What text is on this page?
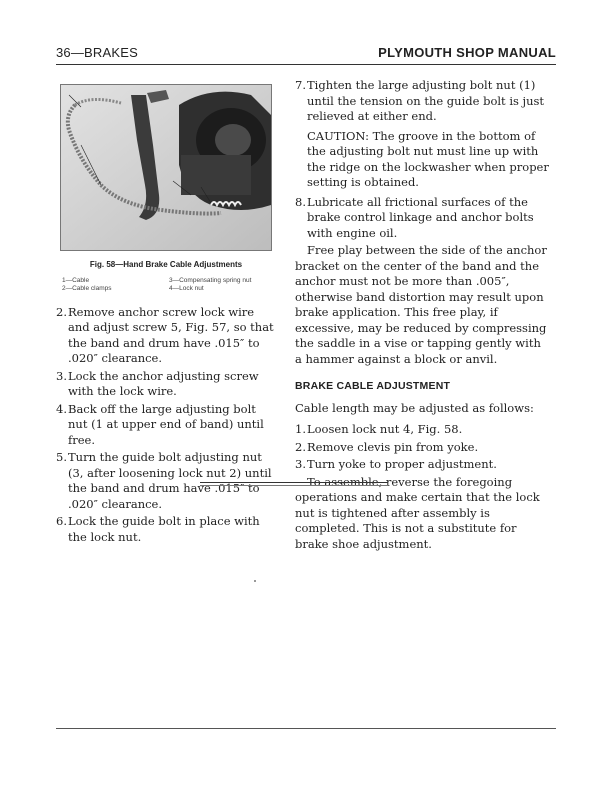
36—BRAKES	PLYMOUTH SHOP MANUAL
Fig. 58—Hand Brake Cable Adjustments
1—Cable	3—Compensating spring nut
2—Cable clamps	4—Lock nut
2. Remove anchor screw lock wire and adjust screw 5, Fig. 57, so that the band and drum have .015″ to .020″ clearance.
3. Lock the anchor adjusting screw with the lock wire.
4. Back off the large adjusting bolt nut (1 at upper end of band) until free.
5. Turn the guide bolt adjusting nut (3, after loosening lock nut 2) until the band and drum have .015″ to .020″ clearance.
6. Lock the guide bolt in place with the lock nut.
7. Tighten the large adjusting bolt nut (1) until the tension on the guide bolt is just relieved at either end.
CAUTION: The groove in the bottom of the adjusting bolt nut must line up with the ridge on the lockwasher when proper setting is obtained.
8. Lubricate all frictional surfaces of the brake control linkage and anchor bolts with engine oil.
Free play between the side of the anchor bracket on the center of the band and the anchor must not be more than .005″, otherwise band distortion may result upon brake application. This free play, if excessive, may be reduced by compressing the saddle in a vise or tapping gently with a hammer against a block or anvil.
BRAKE CABLE ADJUSTMENT
Cable length may be adjusted as follows:
1. Loosen lock nut 4, Fig. 58.
2. Remove clevis pin from yoke.
3. Turn yoke to proper adjustment.
To assemble, reverse the foregoing operations and make certain that the lock nut is tightened after assembly is completed. This is not a substitute for brake shoe adjustment.
